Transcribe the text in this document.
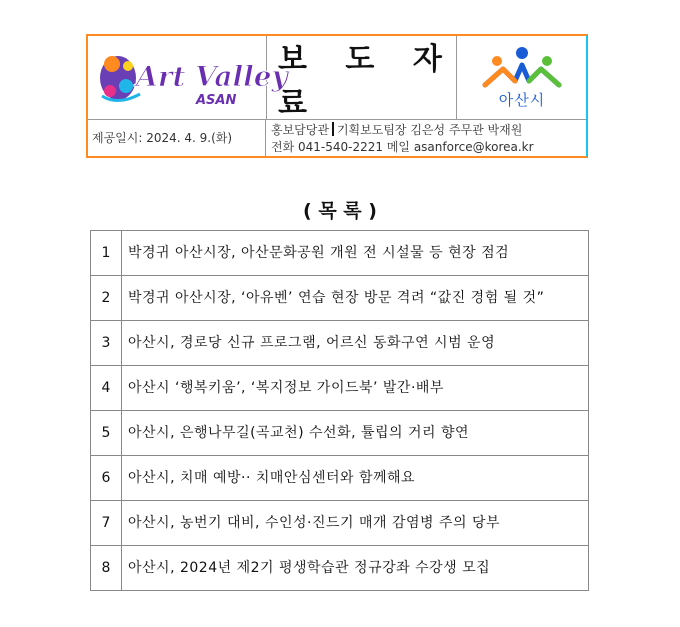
Art Valley
ASAN
보 도 자 료	아산시
제공일시: 2024. 4. 9.(화)
홍보담당관 기획보도팀장 김은성 주무관 박재원
전화 041-540-2221 메일 asanforce@korea.kr
( 목 록 )
1	박경귀 아산시장, 아산문화공원 개원 전 시설물 등 현장 점검
2	박경귀 아산시장, ‘아유벤’ 연습 현장 방문 격려 “값진 경험 될 것”
3	아산시, 경로당 신규 프로그램, 어르신 동화구연 시범 운영
4	아산시 ‘행복키움’, ‘복지정보 가이드북’ 발간·배부
5	아산시, 은행나무길(곡교천) 수선화, 튤립의 거리 향연
6	아산시, 치매 예방·· 치매안심센터와 함께해요
7	아산시, 농번기 대비, 수인성·진드기 매개 감염병 주의 당부
8	아산시, 2024년 제2기 평생학습관 정규강좌 수강생 모집
